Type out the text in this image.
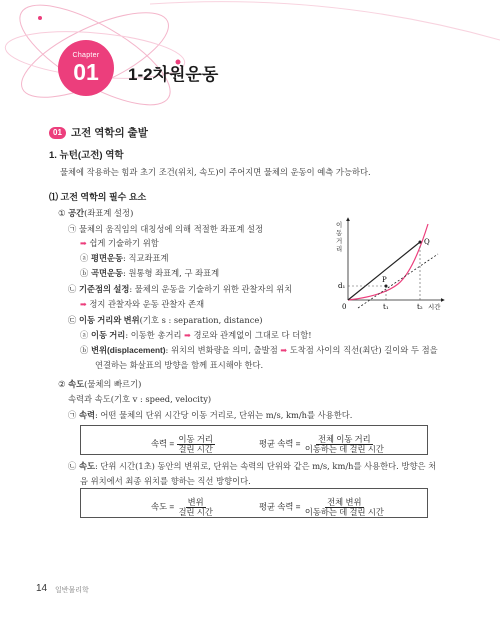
Chapter
01 1-2차원운동
01 고전 역학의 출발
1. 뉴턴(고전) 역학
물체에 작용하는 힘과 초기 조건(위치, 속도)이 주어지면 물체의 운동이 예측 가능하다.
⑴ 고전 역학의 필수 요소
① 공간(좌표계 설정)
㉠ 물체의 움직임의 대칭성에 의해 적절한 좌표계 설정
➡ 쉽게 기술하기 위함
ⓐ 평면운동: 직교좌표계
ⓑ 곡면운동: 원통형 좌표계, 구 좌표계
㉡ 기준점의 설정: 물체의 운동을 기술하기 위한 관찰자의 위치
➡ 정지 관찰자와 운동 관찰자 존재
㉢ 이동 거리와 변위(기호 s : separation, distance)
ⓐ 이동 거리: 이동한 총거리 ➡ 경로와 관계없이 그대로 다 더함!
ⓑ 변위(displacement): 위치의 변화량을 의미, 출발점 ➡ 도착점 사이의 직선(최단) 길이와 두 점을
연결하는 화살표의 방향을 함께 표시해야 한다.
② 속도(물체의 빠르기)
속력과 속도(기호 v : speed, velocity)
㉠ 속력: 어떤 물체의 단위 시간당 이동 거리로, 단위는 m/s, km/h를 사용한다.
속력 = $\frac{\text{이동 거리}}{\text{걸린 시간}}$	평균 속력 = $\frac{\text{전체 이동 거리}}{\text{이동하는 데 걸린 시간}}$
㉡ 속도: 단위 시간(1초) 동안의 변위로, 단위는 속력의 단위와 같은 m/s, km/h를 사용한다. 방향은 처
음 위치에서 최종 위치를 향하는 직선 방향이다.
속도 = $\frac{\text{변위}}{\text{걸린 시간}}$	평균 속력 = $\frac{\text{전체 변위}}{\text{이동하는 데 걸린 시간}}$
P
Q
d₁
t₁	t₂
0	시간
이동 거리
14 일반물리학
